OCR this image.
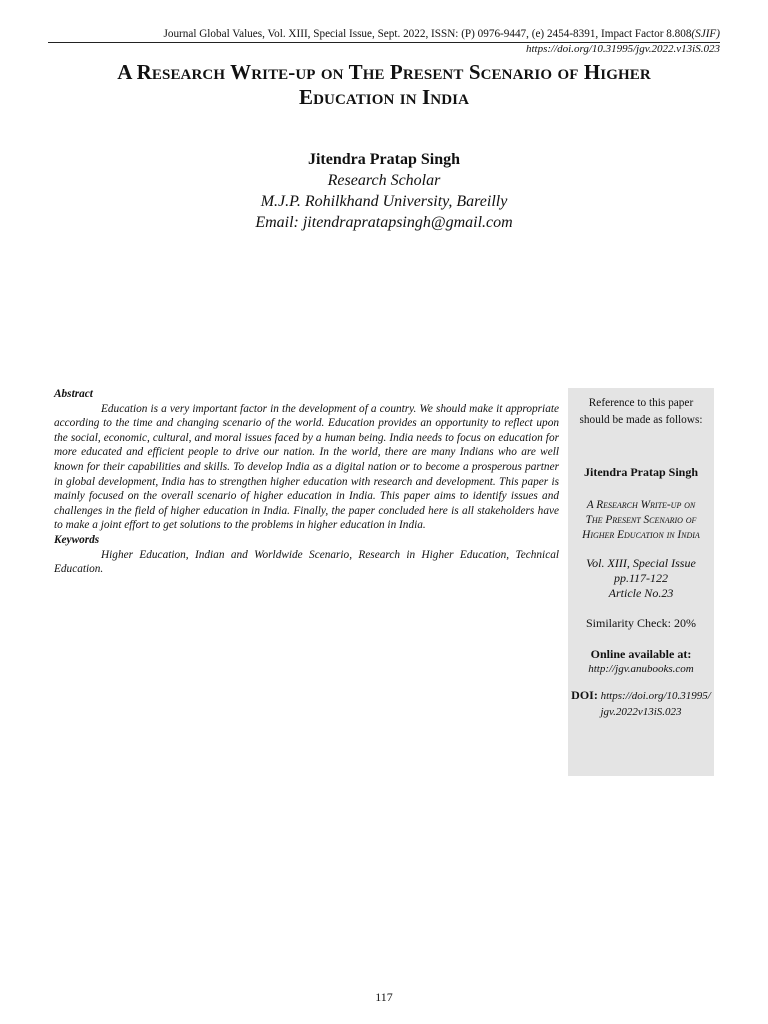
Journal Global Values, Vol. XIII, Special Issue, Sept. 2022, ISSN: (P) 0976-9447, (e) 2454-8391, Impact Factor 8.808(SJIF)
https://doi.org/10.31995/jgv.2022.v13iS.023
A Research Write-up on The Present Scenario of Higher
Education in India
Jitendra Pratap Singh
Research Scholar
M.J.P. Rohilkhand University, Bareilly
Email: jitendrapratapsingh@gmail.com
Abstract

Education is a very important factor in the development of a country. We should make it appropriate according to the time and changing scenario of the world. Education provides an opportunity to reflect upon the social, economic, cultural, and moral issues faced by a human being. India needs to focus on education for more educated and efficient people to drive our nation. In the world, there are many Indians who are well known for their capabilities and skills. To develop India as a digital nation or to become a prosperous partner in global development, India has to strengthen higher education with research and development. This paper is mainly focused on the overall scenario of higher education in India. This paper aims to identify issues and challenges in the field of higher education in India. Finally, the paper concluded here is all stakeholders have to make a joint effort to get solutions to the problems in higher education in India.

Keywords

Higher Education, Indian and Worldwide Scenario, Research in Higher Education, Technical Education.

Reference to this paper should be made as follows:
Jitendra Pratap Singh
A Research Write-up on
The Present Scenario of
Higher Education in India
Vol. XIII, Special Issue
pp.117-122
Article No.23
Similarity Check: 20%
Online available at:
http://jgv.anubooks.com
DOI: https://doi.org/10.31995/
jgv.2022v13iS.023
117
